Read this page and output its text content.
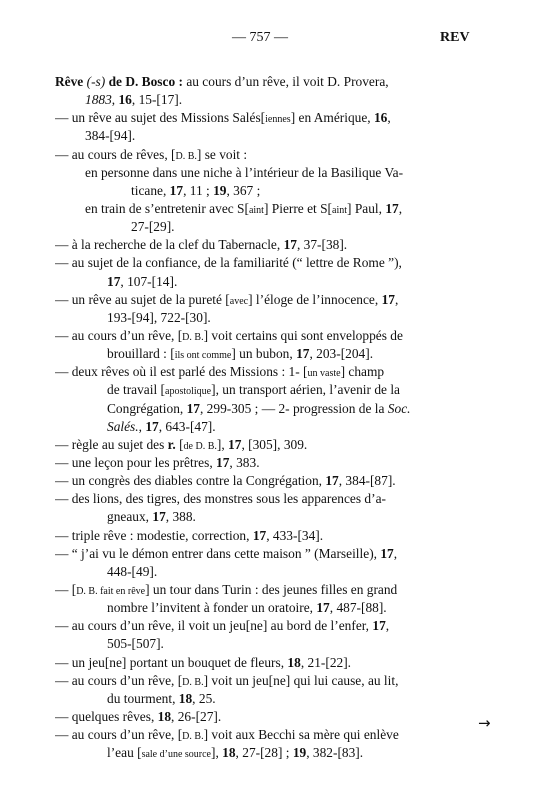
— 757 —	REV
Rêve (-s) de D. Bosco : au cours d’un rêve, il voit D. Provera,
1883, 16, 15-[17].
— un rêve au sujet des Missions Salés[iennes] en Amérique, 16,
384-[94].
— au cours de rêves, [D. B.] se voit :
en personne dans une niche à l’intérieur de la Basilique Va-
ticane, 17, 11 ; 19, 367 ;
en train de s’entretenir avec S[aint] Pierre et S[aint] Paul, 17,
27-[29].
— à la recherche de la clef du Tabernacle, 17, 37-[38].
— au sujet de la confiance, de la familiarité (“ lettre de Rome ”),
17, 107-[14].
— un rêve au sujet de la pureté [avec] l’éloge de l’innocence, 17,
193-[94], 722-[30].
— au cours d’un rêve, [D. B.] voit certains qui sont enveloppés de
brouillard : [ils ont comme] un bubon, 17, 203-[204].
— deux rêves où il est parlé des Missions : 1- [un vaste] champ
de travail [apostolique], un transport aérien, l’avenir de la
Congrégation, 17, 299-305 ; — 2- progression de la Soc.
Salés., 17, 643-[47].
— règle au sujet des r. [de D. B.], 17, [305], 309.
— une leçon pour les prêtres, 17, 383.
— un congrès des diables contre la Congrégation, 17, 384-[87].
— des lions, des tigres, des monstres sous les apparences d’a-
gneaux, 17, 388.
— triple rêve : modestie, correction, 17, 433-[34].
— “ j’ai vu le démon entrer dans cette maison ” (Marseille), 17,
448-[49].
— [D. B. fait en rêve] un tour dans Turin : des jeunes filles en grand
nombre l’invitent à fonder un oratoire, 17, 487-[88].
— au cours d’un rêve, il voit un jeu[ne] au bord de l’enfer, 17,
505-[507].
— un jeu[ne] portant un bouquet de fleurs, 18, 21-[22].
— au cours d’un rêve, [D. B.] voit un jeu[ne] qui lui cause, au lit,
du tourment, 18, 25.
— quelques rêves, 18, 26-[27].
— au cours d’un rêve, [D. B.] voit aux Becchi sa mère qui enlève
l’eau [sale d’une source], 18, 27-[28] ; 19, 382-[83].
→
